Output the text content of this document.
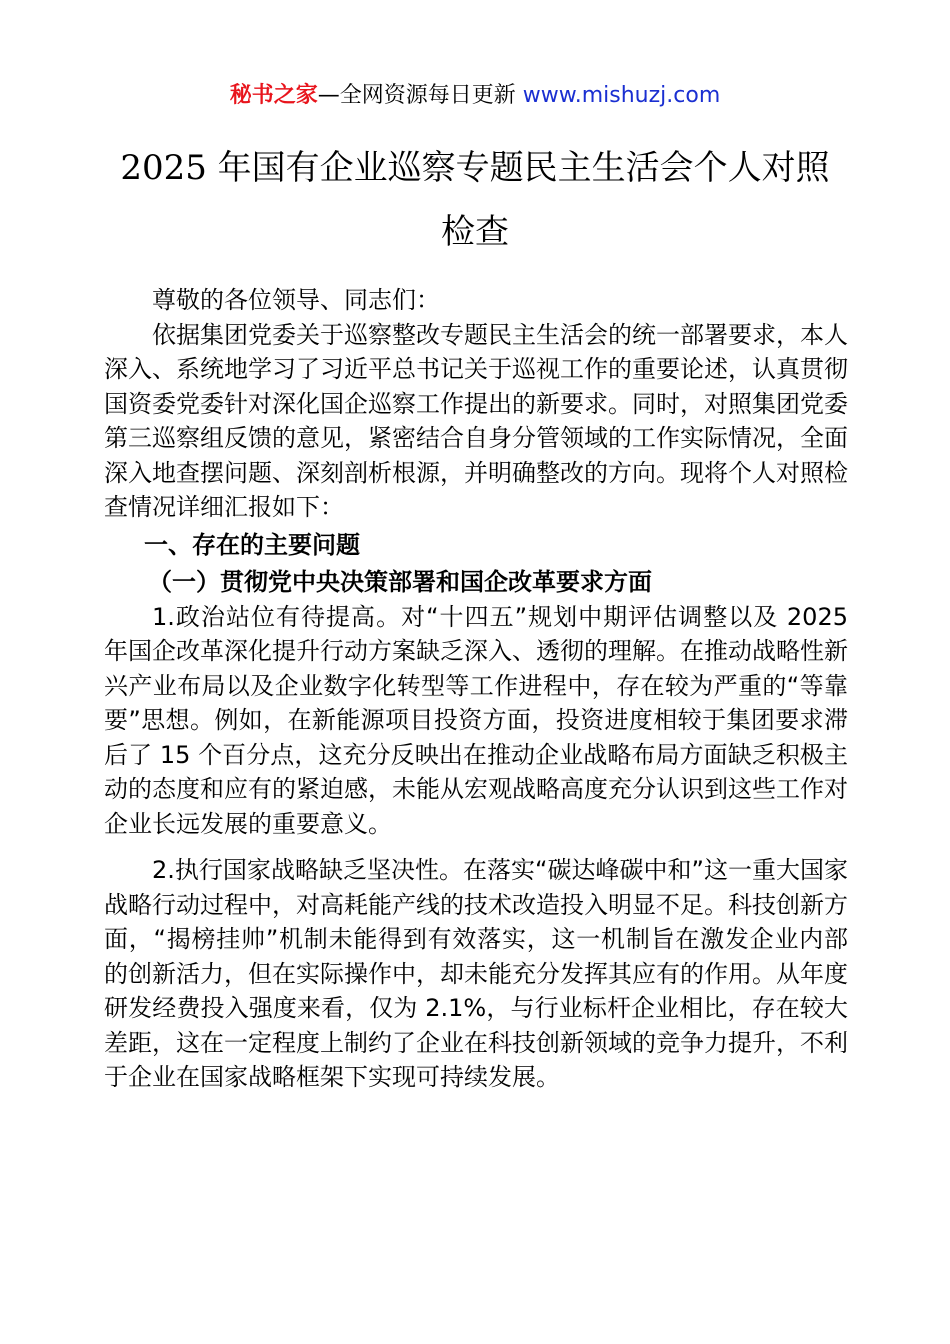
秘书之家—全网资源每日更新 www.mishuzj.com
2025 年国有企业巡察专题民主生活会个人对照
检查

尊敬的各位领导、同志们：

依据集团党委关于巡察整改专题民主生活会的统一部署要求，本人深入、系统地学习了习近平总书记关于巡视工作的重要论述，认真贯彻国资委党委针对深化国企巡察工作提出的新要求。同时，对照集团党委第三巡察组反馈的意见，紧密结合自身分管领域的工作实际情况，全面深入地查摆问题、深刻剖析根源，并明确整改的方向。现将个人对照检查情况详细汇报如下：

一、存在的主要问题

（一）贯彻党中央决策部署和国企改革要求方面

1.政治站位有待提高。对“十四五”规划中期评估调整以及 2025 年国企改革深化提升行动方案缺乏深入、透彻的理解。在推动战略性新兴产业布局以及企业数字化转型等工作进程中，存在较为严重的“等靠要”思想。例如，在新能源项目投资方面，投资进度相较于集团要求滞后了 15 个百分点，这充分反映出在推动企业战略布局方面缺乏积极主动的态度和应有的紧迫感，未能从宏观战略高度充分认识到这些工作对企业长远发展的重要意义。

2.执行国家战略缺乏坚决性。在落实“碳达峰碳中和”这一重大国家战略行动过程中，对高耗能产线的技术改造投入明显不足。科技创新方面，“揭榜挂帅”机制未能得到有效落实，这一机制旨在激发企业内部的创新活力，但在实际操作中，却未能充分发挥其应有的作用。从年度研发经费投入强度来看，仅为 2.1%，与行业标杆企业相比，存在较大差距，这在一定程度上制约了企业在科技创新领域的竞争力提升，不利于企业在国家战略框架下实现可持续发展。
